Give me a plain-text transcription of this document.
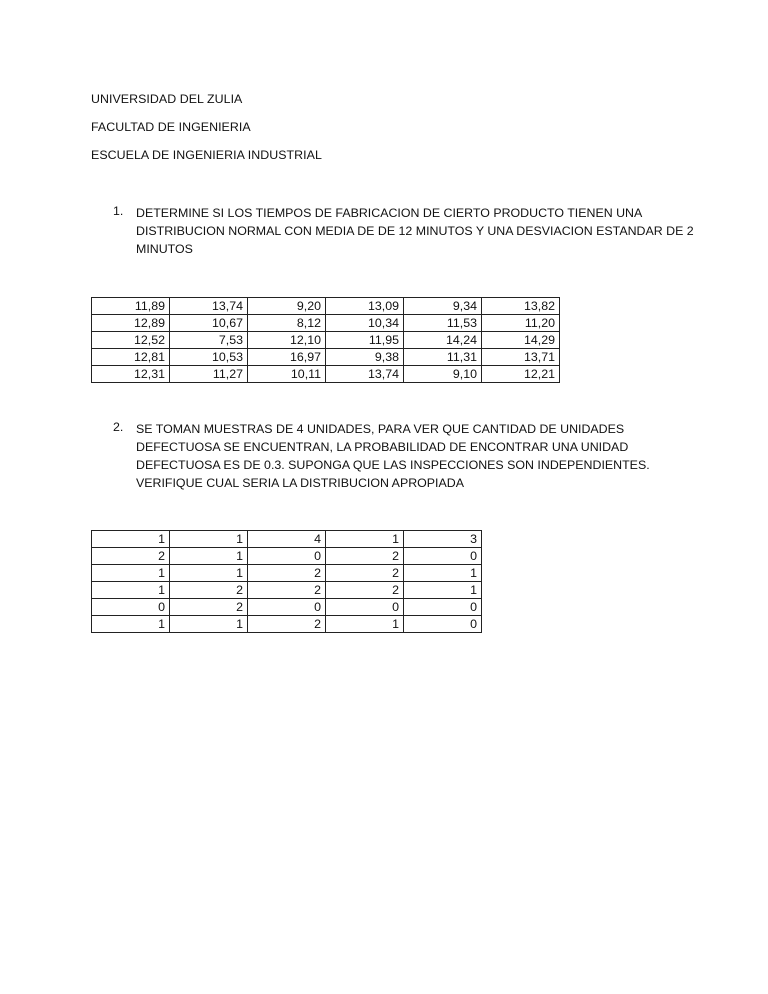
UNIVERSIDAD DEL ZULIA
FACULTAD DE INGENIERIA
ESCUELA DE INGENIERIA INDUSTRIAL
1. DETERMINE SI LOS TIEMPOS DE FABRICACION DE CIERTO PRODUCTO TIENEN UNA DISTRIBUCION NORMAL CON MEDIA DE DE 12 MINUTOS Y UNA DESVIACION ESTANDAR DE 2 MINUTOS
11,89	13,74	9,20	13,09	9,34	13,82
12,89	10,67	8,12	10,34	11,53	11,20
12,52	7,53	12,10	11,95	14,24	14,29
12,81	10,53	16,97	9,38	11,31	13,71
12,31	11,27	10,11	13,74	9,10	12,21
2. SE TOMAN MUESTRAS DE 4 UNIDADES, PARA VER QUE CANTIDAD DE UNIDADES DEFECTUOSA SE ENCUENTRAN, LA PROBABILIDAD DE ENCONTRAR UNA UNIDAD DEFECTUOSA ES DE 0.3. SUPONGA QUE LAS INSPECCIONES SON INDEPENDIENTES. VERIFIQUE CUAL SERIA LA DISTRIBUCION APROPIADA
1	1	4	1	3
2	1	0	2	0
1	1	2	2	1
1	2	2	2	1
0	2	0	0	0
1	1	2	1	0
